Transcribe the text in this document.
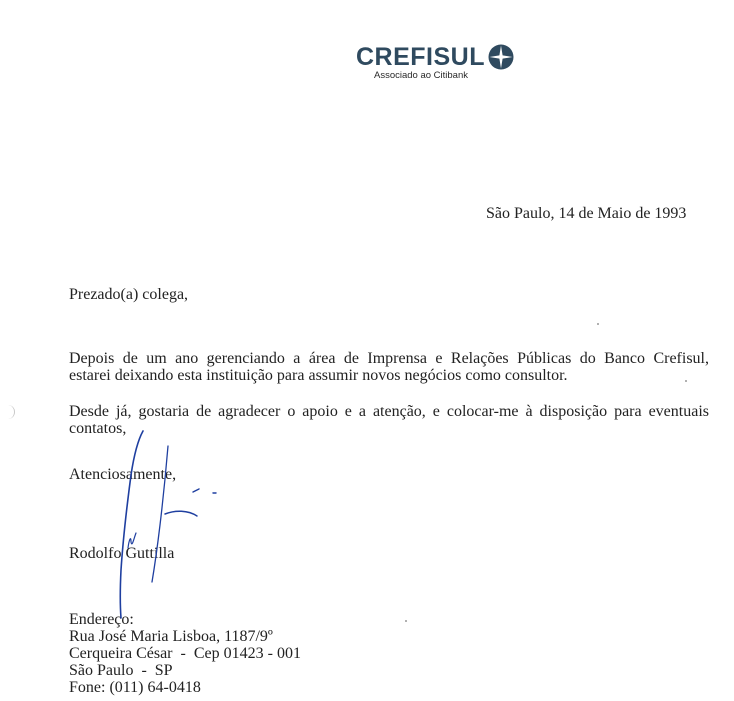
CREFISUL
Associado ao Citibank
São Paulo, 14 de Maio de 1993
Prezado(a) colega,
Depois de um ano gerenciando a área de Imprensa e Relações Públicas do Banco Crefisul,
estarei deixando esta instituição para assumir novos negócios como consultor.
Desde já, gostaria de agradecer o apoio e a atenção, e colocar-me à disposição para eventuais
contatos,
Atenciosamente,
Rodolfo Guttilla
Endereço:
Rua José Maria Lisboa, 1187/9º
Cerqueira César  -  Cep 01423 - 001
São Paulo  -  SP
Fone: (011) 64-0418
